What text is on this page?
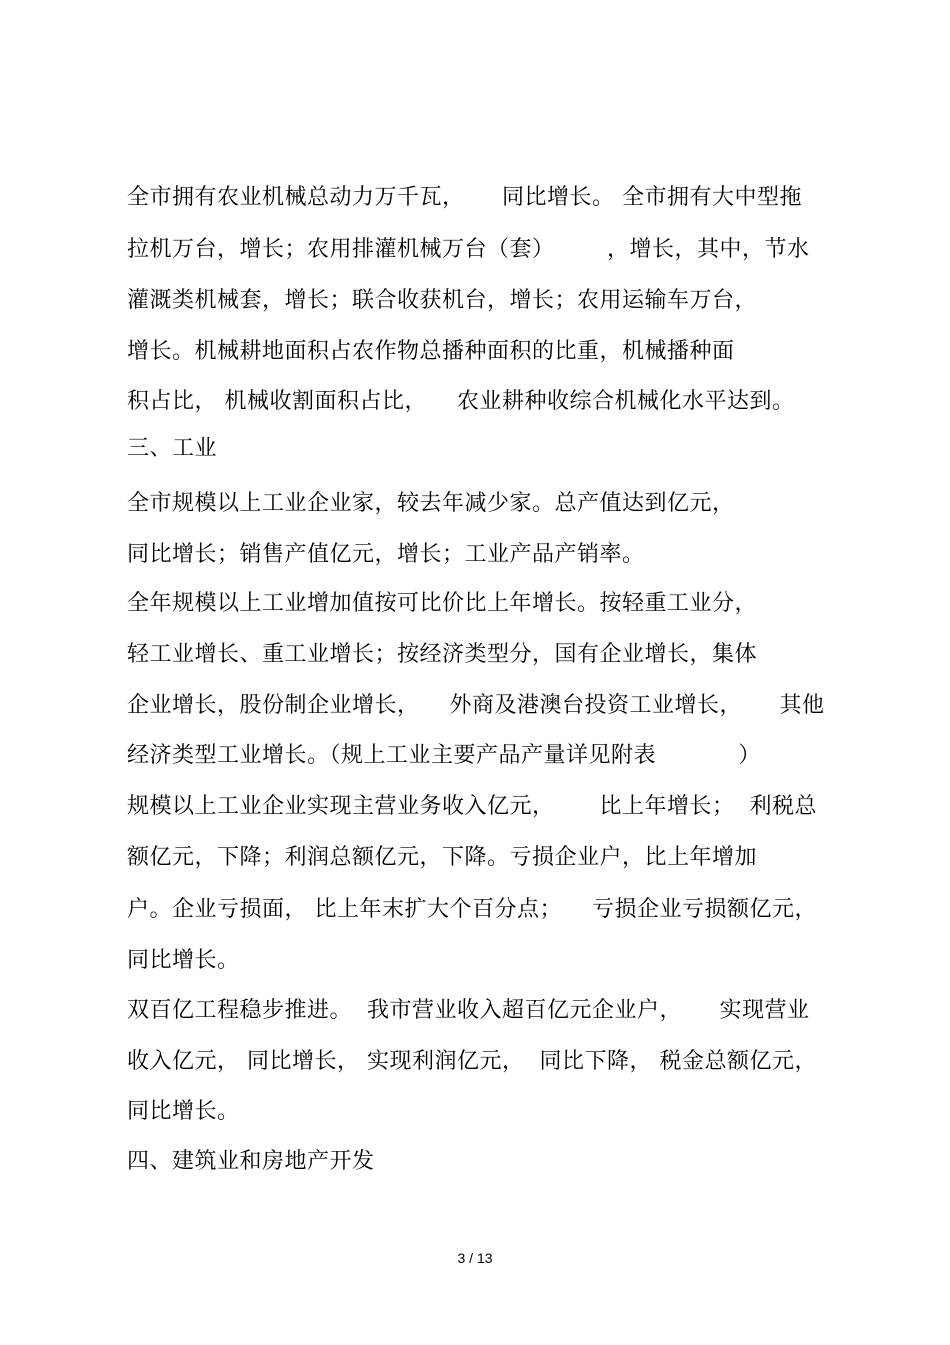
全市拥有农业机械总动力万千瓦，     同比增长。 全市拥有大中型拖
拉机万台，增长；农用排灌机械万台（套）       ，增长，其中，节水
灌溉类机械套，增长；联合收获机台，增长；农用运输车万台，
增长。机械耕地面积占农作物总播种面积的比重，机械播种面
积占比， 机械收割面积占比，    农业耕种收综合机械化水平达到。
三、工业
全市规模以上工业企业家，较去年减少家。总产值达到亿元，
同比增长；销售产值亿元，增长；工业产品产销率。
全年规模以上工业增加值按可比价比上年增长。按轻重工业分，
轻工业增长、重工业增长；按经济类型分，国有企业增长，集体
企业增长，股份制企业增长，    外商及港澳台投资工业增长，     其他
经济类型工业增长。（规上工业主要产品产量详见附表           ）
规模以上工业企业实现主营业务收入亿元，      比上年增长；  利税总
额亿元，下降；利润总额亿元，下降。亏损企业户，比上年增加
户。企业亏损面， 比上年末扩大个百分点；    亏损企业亏损额亿元，
同比增长。
双百亿工程稳步推进。  我市营业收入超百亿元企业户，     实现营业
收入亿元， 同比增长， 实现利润亿元，  同比下降， 税金总额亿元，
同比增长。
四、建筑业和房地产开发
3 / 13
